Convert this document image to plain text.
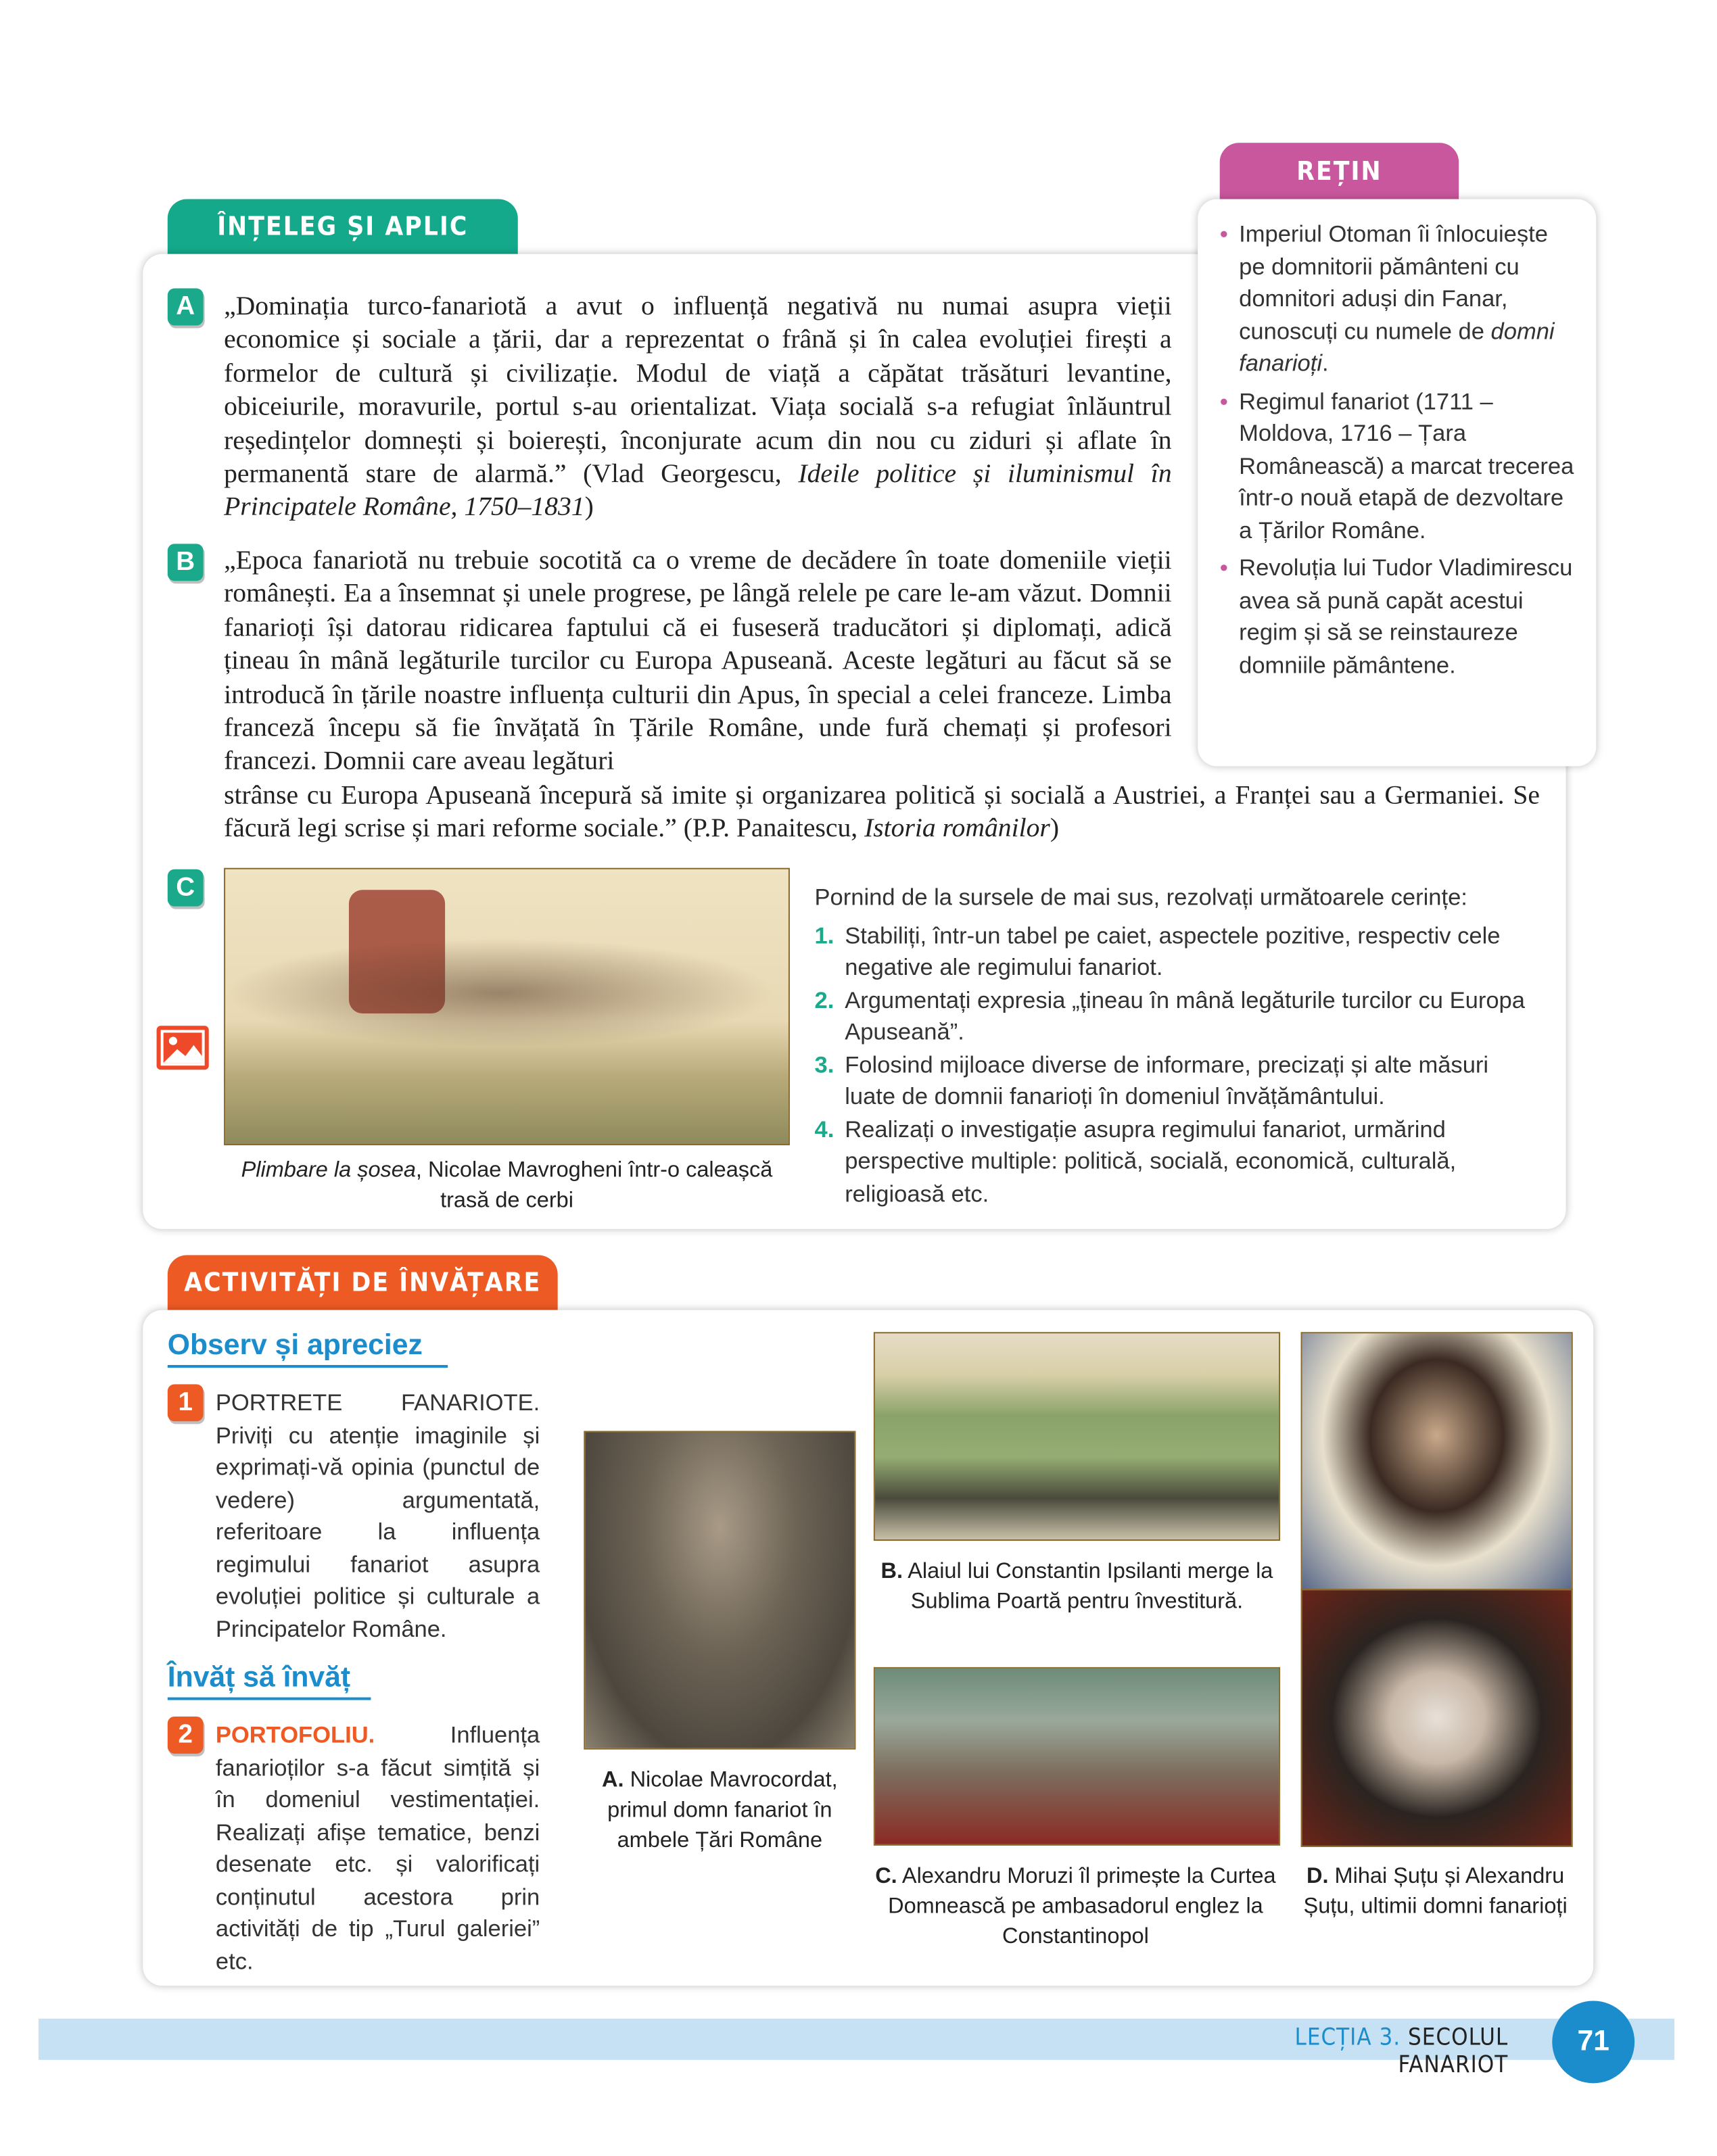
ÎNȚELEG ȘI APLIC
REȚIN
• Imperiul Otoman îi înlocuiește pe domnitorii pământeni cu domnitori aduși din Fanar, cunoscuți cu numele de domni fanarioți.
• Regimul fanariot (1711 – Moldova, 1716 – Țara Românească) a marcat trecerea într-o nouă etapă de dezvoltare a Țărilor Române.
• Revoluția lui Tudor Vladimirescu avea să pună capăt acestui regim și să se reinstaureze domniile pământene.
A	„Dominația turco-fanariotă a avut o influență negativă nu numai asupra vieții economice și sociale a țării, dar a reprezentat o frână și în calea evoluției firești a formelor de cultură și civilizație. Modul de viață a căpătat trăsături levantine, obiceiurile, moravurile, portul s-au orientalizat. Viața socială s-a refugiat înlăuntrul reședințelor domnești și boierești, înconjurate acum din nou cu ziduri și aflate în permanentă stare de alarmă.” (Vlad Georgescu, Ideile politice și iluminismul în Principatele Române, 1750–1831)
B	„Epoca fanariotă nu trebuie socotită ca o vreme de decădere în toate domeniile vieții românești. Ea a însemnat și unele progrese, pe lângă relele pe care le-am văzut. Domnii fanarioți își datorau ridicarea faptului că ei fuseseră traducători și diplomați, adică țineau în mână legăturile turcilor cu Europa Apuseană. Aceste legături au făcut să se introducă în țările noastre influența culturii din Apus, în special a celei franceze. Limba franceză începu să fie învățată în Țările Române, unde fură chemați și profesori francezi. Domnii care aveau legături
strânse cu Europa Apuseană începură să imite și organizarea politică și socială a Austriei, a Franței sau a Germaniei. Se făcură legi scrise și mari reforme sociale.” (P.P. Panaitescu, Istoria românilor)
C
Plimbare la șosea, Nicolae Mavrogheni într-o caleașcă trasă de cerbi
Pornind de la sursele de mai sus, rezolvați următoarele cerințe:
1. Stabiliți, într-un tabel pe caiet, aspectele pozitive, respectiv cele negative ale regimului fanariot.
2. Argumentați expresia „țineau în mână legăturile turcilor cu Europa Apuseană”.
3. Folosind mijloace diverse de informare, precizați și alte măsuri luate de domnii fanarioți în domeniul învățământului.
4. Realizați o investigație asupra regimului fanariot, urmărind perspective multiple: politică, socială, economică, culturală, religioasă etc.
ACTIVITĂȚI DE ÎNVĂȚARE
Observ și apreciez
1	PORTRETE FANARIOTE. Priviți cu atenție imaginile și exprimați-vă opinia (punctul de vedere) argumentată, referitoare la influența regimului fanariot asupra evoluției politice și culturale a Principatelor Române.
Învăț să învăț
2	PORTOFOLIU. Influența fanarioților s-a făcut simțită și în domeniul vestimentației. Realizați afișe tematice, benzi desenate etc. și valorificați conținutul acestora prin activități de tip „Turul galeriei” etc.
A. Nicolae Mavrocordat, primul domn fanariot în ambele Țări Române
B. Alaiul lui Constantin Ipsilanti merge la Sublima Poartă pentru învestitură.
C. Alexandru Moruzi îl primește la Curtea Domnească pe ambasadorul englez la Constantinopol
D. Mihai Șuțu și Alexandru Șuțu, ultimii domni fanarioți
LECȚIA 3. SECOLUL FANARIOT
71
